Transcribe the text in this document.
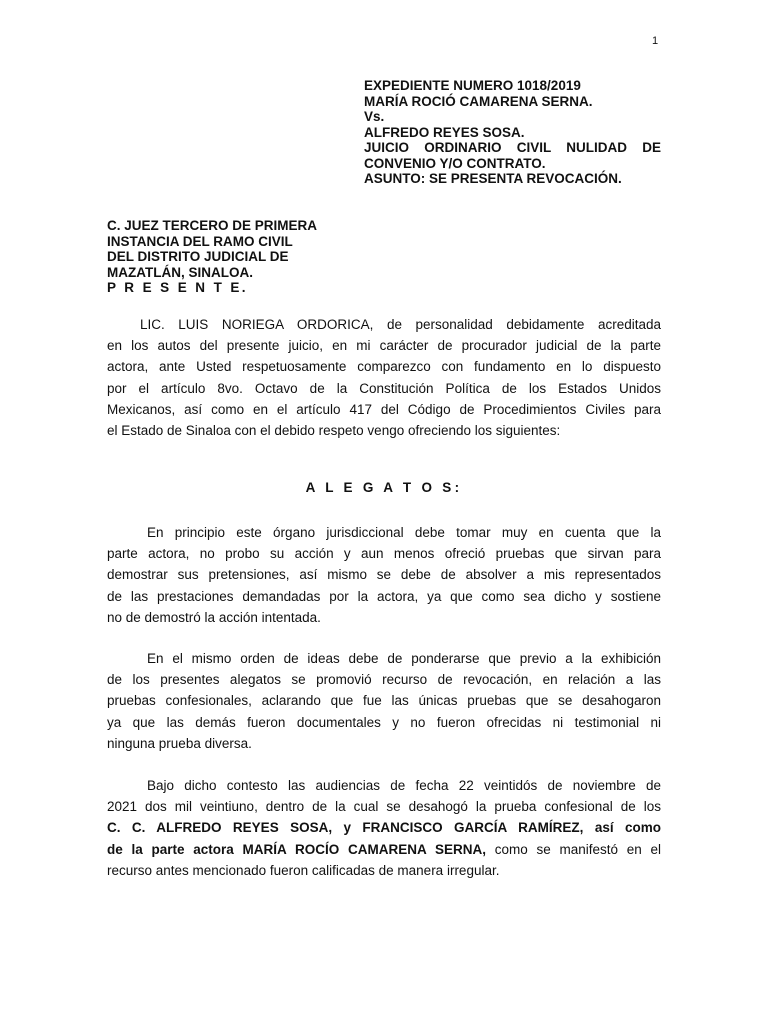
1
EXPEDIENTE NUMERO 1018/2019
MARÍA ROCIÓ CAMARENA SERNA.
Vs.
ALFREDO REYES SOSA.
JUICIO ORDINARIO CIVIL NULIDAD DE
CONVENIO Y/O CONTRATO.
ASUNTO: SE PRESENTA REVOCACIÓN.
C. JUEZ TERCERO DE PRIMERA
INSTANCIA DEL RAMO CIVIL
DEL DISTRITO JUDICIAL DE
MAZATLÁN, SINALOA.
P R E S E N T E.
LIC. LUIS NORIEGA ORDORICA, de personalidad debidamente acreditada
en los autos del presente juicio, en mi carácter de procurador judicial de la parte
actora, ante Usted respetuosamente comparezco con fundamento en lo dispuesto
por el artículo 8vo. Octavo de la Constitución Política de los Estados Unidos
Mexicanos, así como en el artículo 417 del Código de Procedimientos Civiles para
el Estado de Sinaloa con el debido respeto vengo ofreciendo los siguientes:
A L E G A T O S:
En principio este órgano jurisdiccional debe tomar muy en cuenta que la
parte actora, no probo su acción y aun menos ofreció pruebas que sirvan para
demostrar sus pretensiones, así mismo se debe de absolver a mis representados
de las prestaciones demandadas por la actora, ya que como sea dicho y sostiene
no de demostró la acción intentada.
En el mismo orden de ideas debe de ponderarse que previo a la exhibición
de los presentes alegatos se promovió recurso de revocación, en relación a las
pruebas confesionales, aclarando que fue las únicas pruebas que se desahogaron
ya que las demás fueron documentales y no fueron ofrecidas ni testimonial ni
ninguna prueba diversa.
Bajo dicho contesto las audiencias de fecha 22 veintidós de noviembre de
2021 dos mil veintiuno, dentro de la cual se desahogó la prueba confesional de los
C. C. ALFREDO REYES SOSA, y FRANCISCO GARCÍA RAMÍREZ, así como
de la parte actora MARÍA ROCÍO CAMARENA SERNA, como se manifestó en el
recurso antes mencionado fueron calificadas de manera irregular.
